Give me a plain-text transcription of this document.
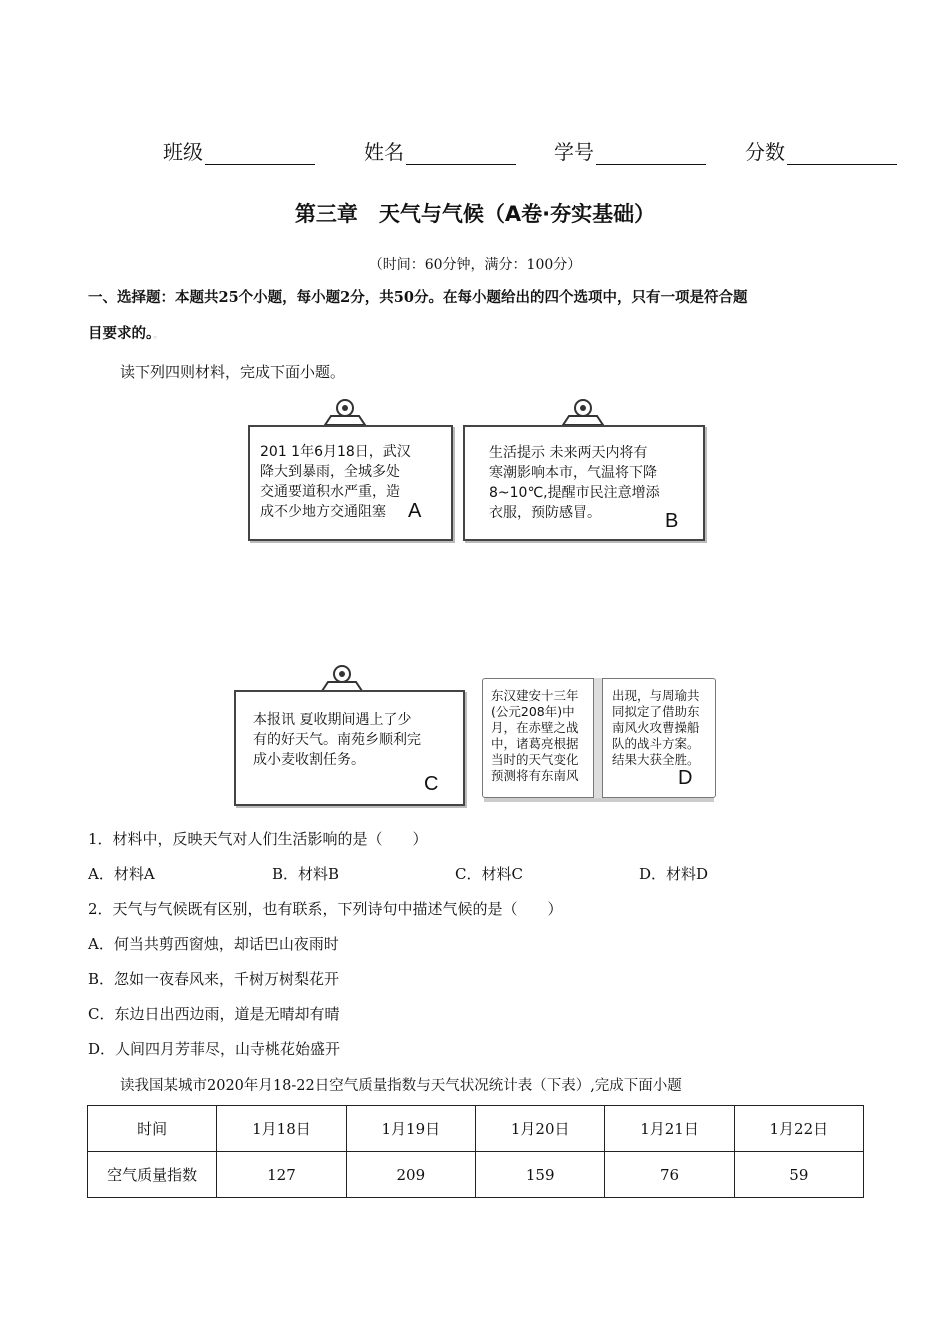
班级	姓名	学号	分数
第三章　天气与气候（A卷·夯实基础）
（时间：60分钟，满分：100分）
一、选择题：本题共25个小题，每小题2分，共50分。在每小题给出的四个选项中，只有一项是符合题
目要求的。。
读下列四则材料，完成下面小题。
201 1年6月18日，武汉
降大到暴雨，全城多处
交通要道积水严重，造
成不少地方交通阻塞	A
生活提示 未来两天内将有
寒潮影响本市，气温将下降
8~10℃,提醒市民注意增添
衣服，预防感冒。	B
本报讯 夏收期间遇上了少
有的好天气。南苑乡顺利完
成小麦收割任务。
C
东汉建安十三年
(公元208年)中
月，在赤壁之战
中，诸葛亮根据
当时的天气变化
预测将有东南风
出现，与周瑜共
同拟定了借助东
南风火攻曹操船
队的战斗方案。
结果大获全胜。
D
1．材料中，反映天气对人们生活影响的是（　　）
A．材料A	B．材料B	C．材料C	D．材料D
2．天气与气候既有区别，也有联系，下列诗句中描述气候的是（　　）
A．何当共剪西窗烛，却话巴山夜雨时
B．忽如一夜春风来，千树万树梨花开
C．东边日出西边雨，道是无晴却有晴
D．人间四月芳菲尽，山寺桃花始盛开
读我国某城市2020年月18-22日空气质量指数与天气状况统计表（下表）,完成下面小题
时间	1月18日	1月19日	1月20日	1月21日	1月22日
空气质量指数	127	209	159	76	59
